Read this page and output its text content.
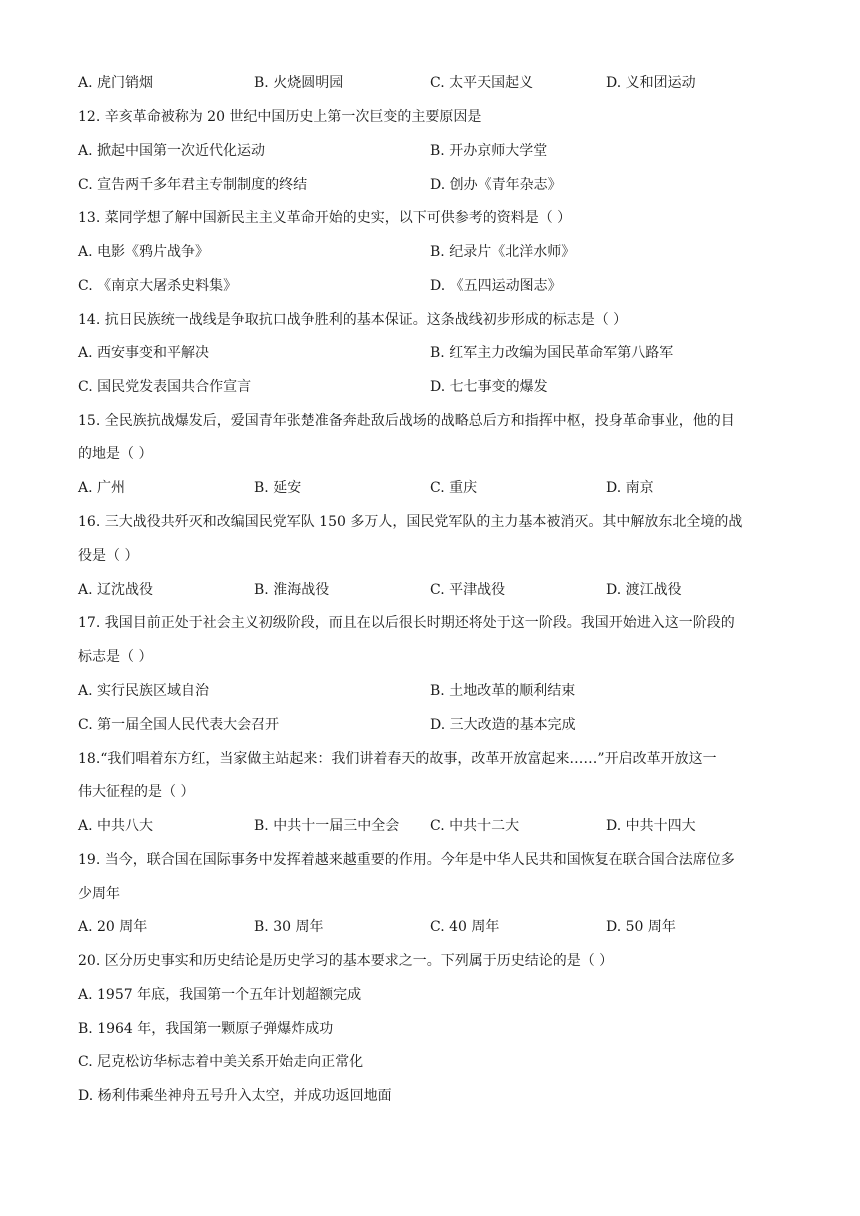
A. 虎门销烟	B. 火烧圆明园	C. 太平天国起义	D. 义和团运动
12. 辛亥革命被称为 20 世纪中国历史上第一次巨变的主要原因是
A. 掀起中国第一次近代化运动	B. 开办京师大学堂
C. 宣告两千多年君主专制制度的终结	D. 创办《青年杂志》
13. 菜同学想了解中国新民主主义革命开始的史实，以下可供参考的资料是（ ）
A. 电影《鸦片战争》	B. 纪录片《北洋水师》
C. 《南京大屠杀史料集》	D. 《五四运动图志》
14. 抗日民族统一战线是争取抗口战争胜利的基本保证。这条战线初步形成的标志是（ ）
A. 西安事变和平解决	B. 红军主力改编为国民革命军第八路军
C. 国民党发表国共合作宣言	D. 七七事变的爆发
15. 全民族抗战爆发后，爱国青年张楚准备奔赴敌后战场的战略总后方和指挥中枢，投身革命事业，他的目
的地是（ ）
A. 广州	B. 延安	C. 重庆	D. 南京
16. 三大战役共歼灭和改编国民党军队 150 多万人，国民党军队的主力基本被消灭。其中解放东北全境的战
役是（ ）
A. 辽沈战役	B. 淮海战役	C. 平津战役	D. 渡江战役
17. 我国目前正处于社会主义初级阶段，而且在以后很长时期还将处于这一阶段。我国开始进入这一阶段的
标志是（ ）
A. 实行民族区域自治	B. 土地改革的顺利结束
C. 第一届全国人民代表大会召开	D. 三大改造的基本完成
18.“我们唱着东方红，当家做主站起来：我们讲着春天的故事，改革开放富起来……”开启改革开放这一
伟大征程的是（ ）
A. 中共八大	B. 中共十一届三中全会 C. 中共十二大	D. 中共十四大
19. 当今，联合国在国际事务中发挥着越来越重要的作用。今年是中华人民共和国恢复在联合国合法席位多
少周年
A. 20 周年	B. 30 周年	C. 40 周年	D. 50 周年
20. 区分历史事实和历史结论是历史学习的基本要求之一。下列属于历史结论的是（ ）
A. 1957 年底，我国第一个五年计划超额完成
B. 1964 年，我国第一颗原子弹爆炸成功
C. 尼克松访华标志着中美关系开始走向正常化
D. 杨利伟乘坐神舟五号升入太空，并成功返回地面
